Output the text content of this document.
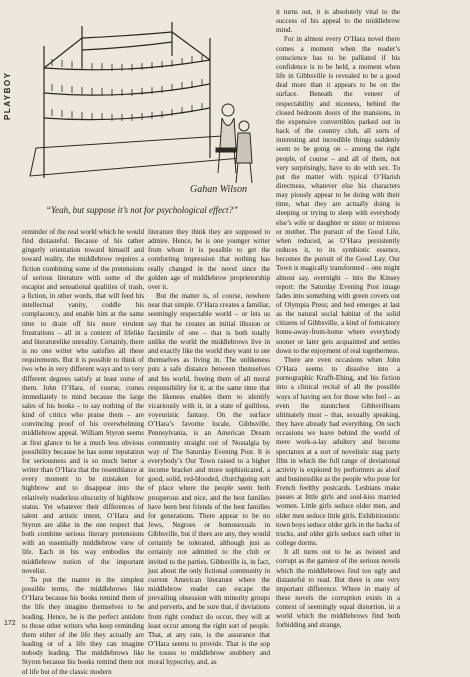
PLAYBOY
Gahan Wilson
“Yeah, but suppose it’s not for psychological effect?”

reminder of the real world which he would find distasteful. Because of his rather gingerly orientation toward himself and toward reality, the middlebrow requires a fiction combining some of the pretensions of serious literature with some of the escapist and sensational qualities of trash, a fiction, in other words, that will feed his intellectual vanity, coddle his complacency, and enable him at the same time to drain off his more virulent frustrations – all in a context of lifelike and literaturelike unreality. Certainly, there is no one writer who satisfies all these requirements. But it is possible to think of two who in very different ways and to very different degrees satisfy at least some of them. John O’Hara, of course, comes immediately to mind because the large sales of his books – to say nothing of the kind of critics who praise them – are convincing proof of his overwhelming middlebrow appeal. William Styron seems at first glance to be a much less obvious possibility because he has some reputation for seriousness and is so much better a writer than O’Hara that the resemblance at every moment to be mistaken for highbrow and to disappear into the relatively readerless obscurity of highbrow status. Yet whatever their differences of talent and artistic intent, O’Hara and Styron are alike in the one respect that both combine serious literary pretensions with an essentially middlebrow view of life. Each in his way embodies the middlebrow notion of the important novelist.

To put the matter in the simplest possible terms, the middlebrows like O’Hara because his books remind them of the life they imagine themselves to be leading. Hence, he is the perfect antidote to those other writers who keep reminding them either of the life they actually are leading or of a life they can imagine nobody leading. The middlebrows like Styron because his books remind them not of life but of the classic modern

literature they think they are supposed to admire. Hence, he is one younger writer from whom it is possible to get the comforting impression that nothing has really changed in the novel since the golden age of middlebrow proprietorship over it.

But the matter is, of course, nowhere near that simple. O’Hara creates a familiar, seemingly respectable world – or lets us say that he creates an initial illusion or facsimile of one – that is both totally unlike the world the middlebrows live in and exactly like the world they want to see themselves as living in. The unlikeness puts a safe distance between themselves and his world, freeing them of all moral responsibility for it, at the same time that the likeness enables them to identify vicariously with it, in a state of guiltless, voyeuristic fantasy. On the surface O’Hara’s favorite locale, Gibbsville, Pennsylvania, is an American Dream community straight out of Nostalgia by way of The Saturday Evening Post. It is everybody’s Our Town raised to a higher income bracket and more sophisticated, a good, solid, red-blooded, churchgoing sort of place where the people seem both prosperous and nice, and the best families have been best friends of the best families for generations. There appear to be no Jews, Negroes or homosexuals in Gibbsville, but if there are any, they would certainly be tolerated, although just as certainly not admitted to the club or invited to the parties. Gibbsville is, in fact, just about the only fictional community in current American literature where the middlebrow reader can escape the prevailing obsession with minority groups and perverts, and be sure that, if deviations from right conduct do occur, they will at least occur among the right sort of people. That, at any rate, is the assurance that O’Hara seems to provide. That is the sop he tosses to middlebrow snobbery and moral hypocrisy, and, as

it turns out, it is absolutely vital to the success of his appeal to the middlebrow mind.

For in almost every O’Hara novel there comes a moment when the reader’s conscience has to be palliated if his confidence is to be held, a moment when life in Gibbsville is revealed to be a good deal more than it appears to be on the surface. Beneath the veneer of respectability and niceness, behind the closed bedroom doors of the mansions, in the expensive convertibles parked out in back of the country club, all sorts of interesting and incredible things suddenly seem to be going on – among the right people, of course – and all of them, not very surprisingly, have to do with sex. To put the matter with typical O’Harish directness, whatever else his characters may piously appear to be doing with their time, what they are actually doing is sleeping or trying to sleep with everybody else’s wife or daughter or sister or mistress or mother. The pursuit of the Good Life, when reduced, as O’Hara persistently reduces it, to its symbiotic essence, becomes the pursuit of the Good Lay. Our Town is magically transformed – one might almost say, overnight – into the Kinsey report: the Saturday Evening Post image fades into something with green covers out of Olympia Press; and bed emerges at last as the natural social habitat of the solid citizens of Gibbsville, a kind of fornicatory home-away-from-home where everybody sooner or later gets acquainted and settles down to the enjoyment of real togetherness.

There are even occasions when John O’Hara seems to dissolve into a pornographic Krafft-Ebing, and his fiction into a clinical recital of all the possible ways of having sex for those who feel – as even the staunchest Gibbsvilleans ultimately must – that, sexually speaking, they have already had everything. On such occasions we leave behind the world of mere work-a-lay adultery and become spectators at a sort of novelistic stag party film in which the full range of deviational activity is explored by performers as aloof and businesslike as the people who pose for French feelthy postcards. Lesbians make passes at little girls and soul-kiss married women. Little girls seduce older men, and older men seduce little girls. Exhibitionistic town boys seduce older girls in the backs of trucks, and older girls seduce each other in college dorms.

It all turns out to be as twisted and corrupt as the gamiest of the serious novels which the middlebrows find too ugly and distasteful to read. But there is one very important difference. Where in many of these novels the corruption exists in a context of seemingly equal distortion, in a world which the middlebrows find both forbidding and strange,

172
